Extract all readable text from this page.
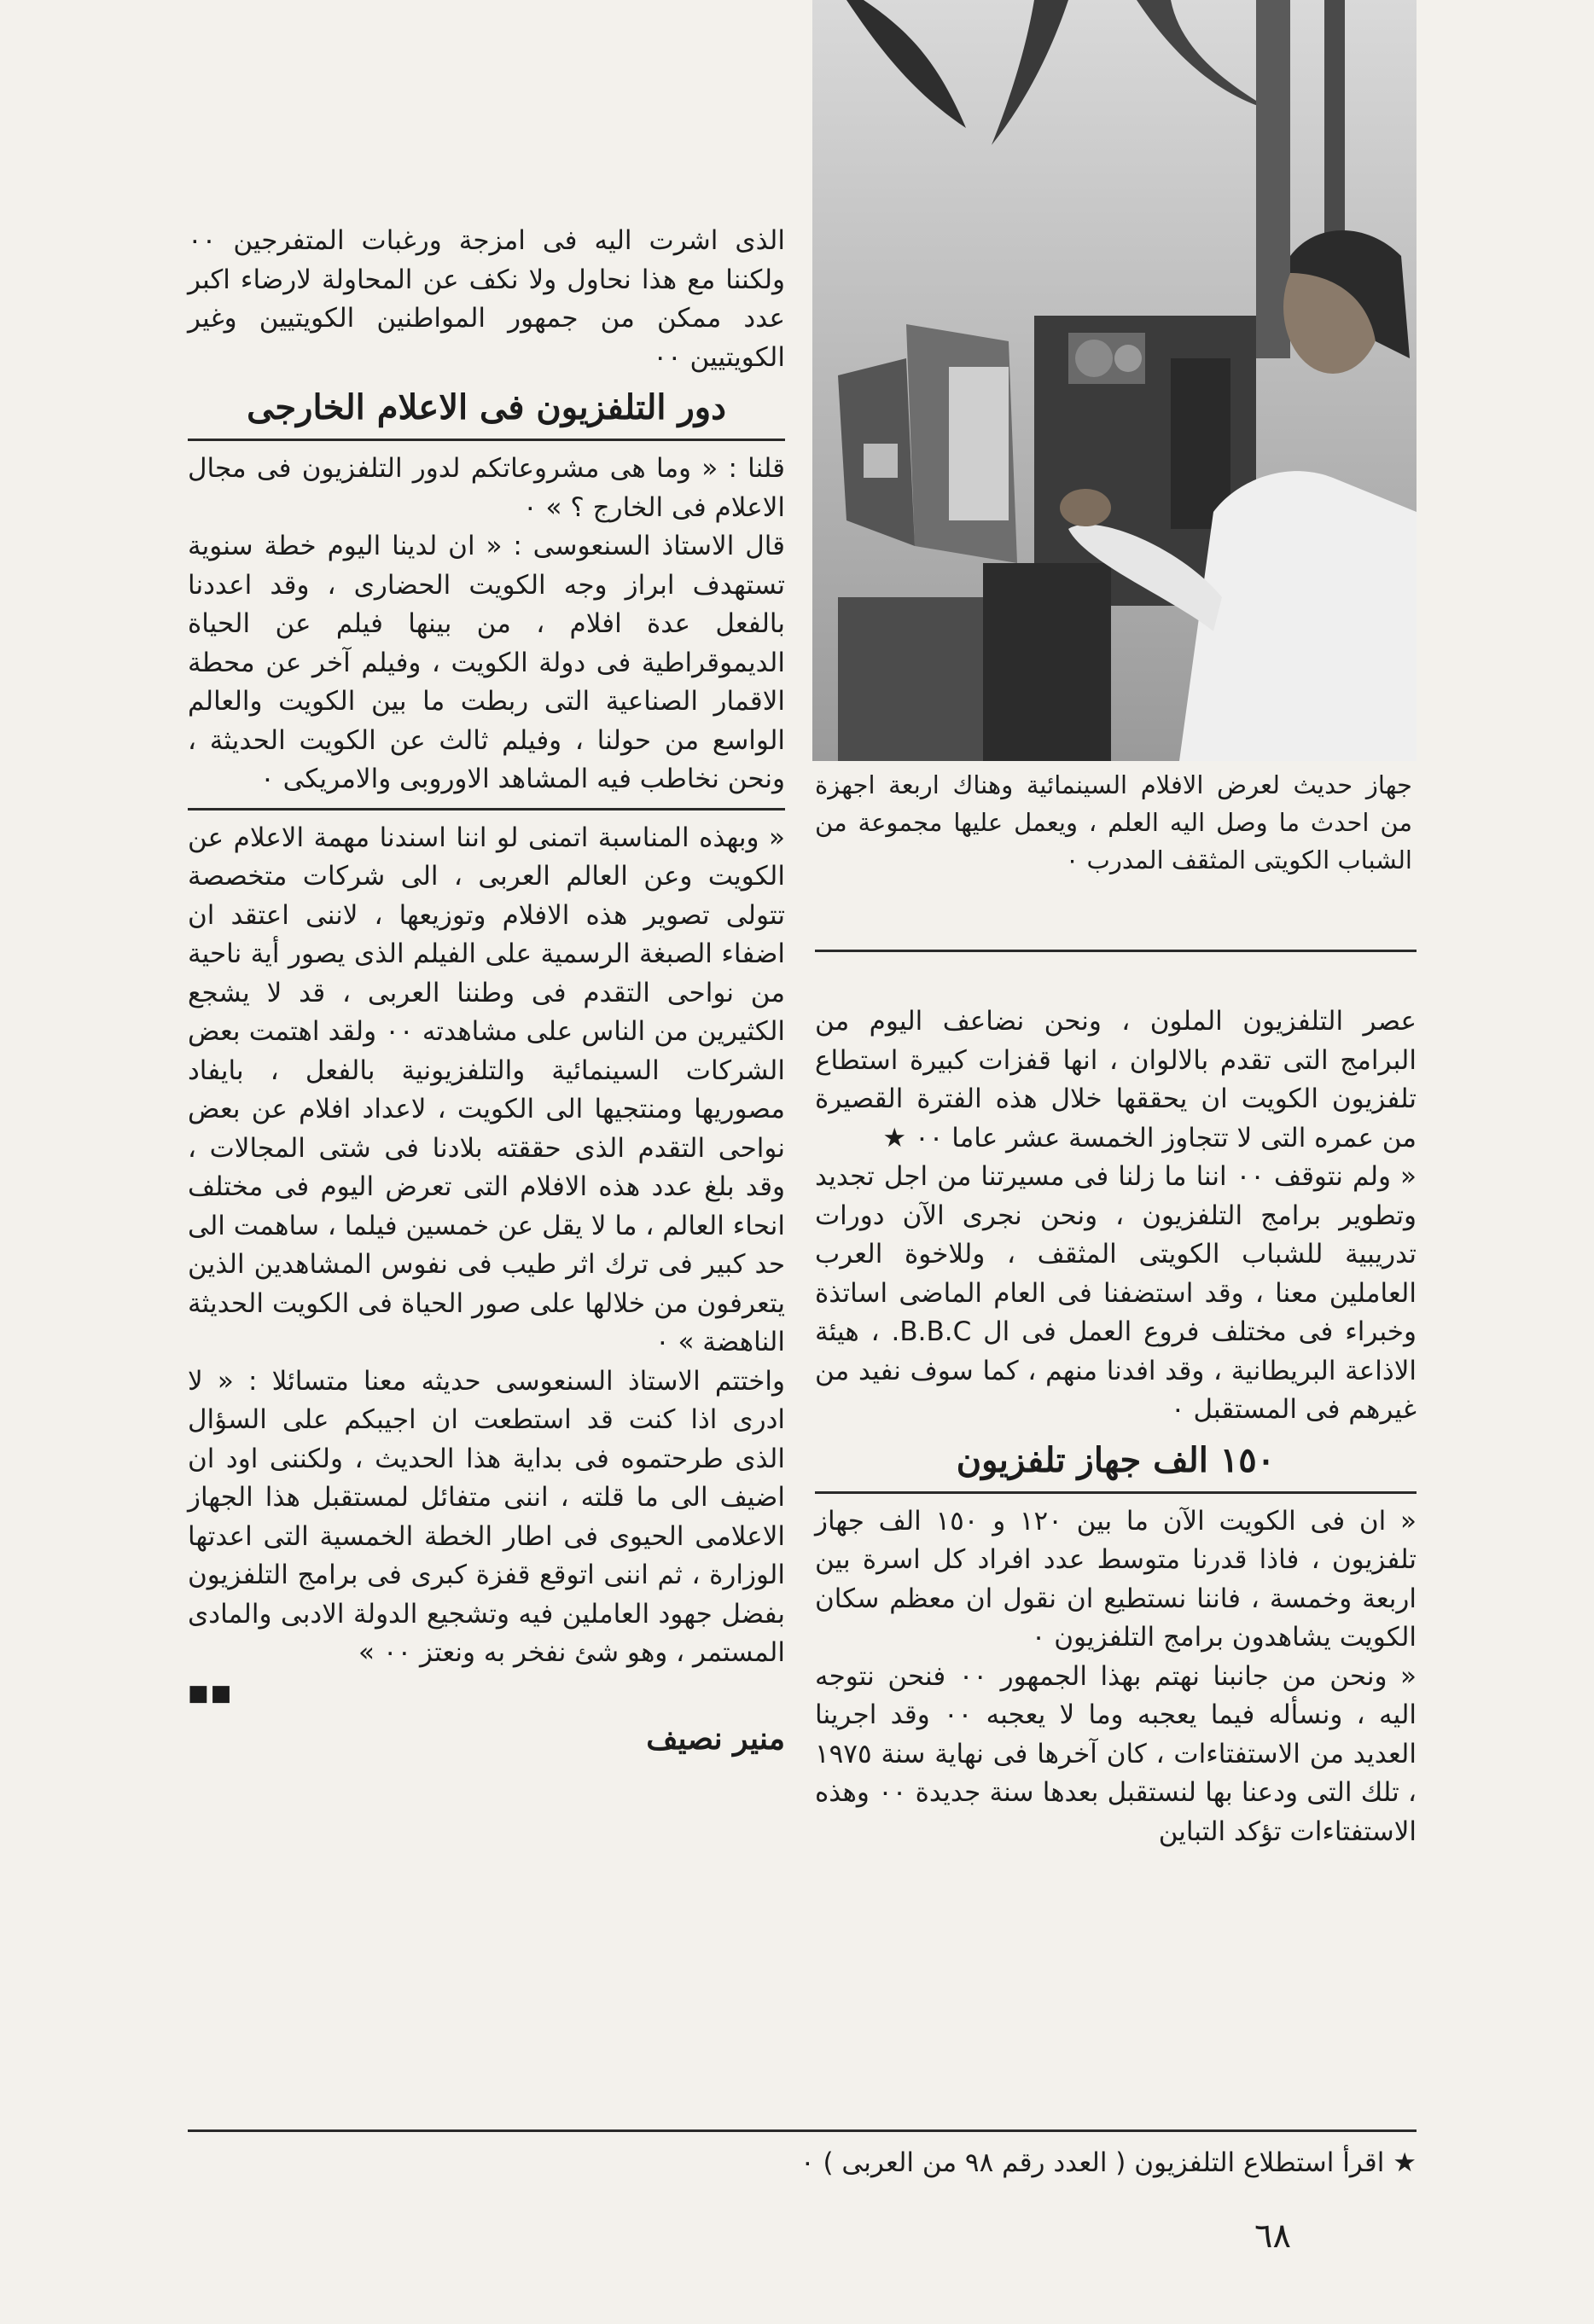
جهاز حديث لعرض الافلام السينمائية وهناك اربعة اجهزة من احدث ما وصل اليه العلم ، ويعمل عليها مجموعة من الشباب الكويتى المثقف المدرب ٠

الذى اشرت اليه فى امزجة ورغبات المتفرجين ٠٠ ولكننا مع هذا نحاول ولا نكف عن المحاولة لارضاء اكبر عدد ممكن من جمهور المواطنين الكويتيين وغير الكويتيين ٠٠

دور التلفزيون فى الاعلام الخارجى

قلنا : « وما هى مشروعاتكم لدور التلفزيون فى مجال الاعلام فى الخارج ؟ » ٠

قال الاستاذ السنعوسى : « ان لدينا اليوم خطة سنوية تستهدف ابراز وجه الكويت الحضارى ، وقد اعددنا بالفعل عدة افلام ، من بينها فيلم عن الحياة الديموقراطية فى دولة الكويت ، وفيلم آخر عن محطة الاقمار الصناعية التى ربطت ما بين الكويت والعالم الواسع من حولنا ، وفيلم ثالث عن الكويت الحديثة ، ونحن نخاطب فيه المشاهد الاوروبى والامريكى ٠

« وبهذه المناسبة اتمنى لو اننا اسندنا مهمة الاعلام عن الكويت وعن العالم العربى ، الى شركات متخصصة تتولى تصوير هذه الافلام وتوزيعها ، لاننى اعتقد ان اضفاء الصبغة الرسمية على الفيلم الذى يصور أية ناحية من نواحى التقدم فى وطننا العربى ، قد لا يشجع الكثيرين من الناس على مشاهدته ٠٠ ولقد اهتمت بعض الشركات السينمائية والتلفزيونية بالفعل ، بايفاد مصوريها ومنتجيها الى الكويت ، لاعداد افلام عن بعض نواحى التقدم الذى حققته بلادنا فى شتى المجالات ، وقد بلغ عدد هذه الافلام التى تعرض اليوم فى مختلف انحاء العالم ، ما لا يقل عن خمسين فيلما ، ساهمت الى حد كبير فى ترك اثر طيب فى نفوس المشاهدين الذين يتعرفون من خلالها على صور الحياة فى الكويت الحديثة الناهضة » ٠

واختتم الاستاذ السنعوسى حديثه معنا متسائلا : « لا ادرى اذا كنت قد استطعت ان اجيبكم على السؤال الذى طرحتموه فى بداية هذا الحديث ، ولكننى اود ان اضيف الى ما قلته ، اننى متفائل لمستقبل هذا الجهاز الاعلامى الحيوى فى اطار الخطة الخمسية التى اعدتها الوزارة ، ثم اننى اتوقع قفزة كبرى فى برامج التلفزيون بفضل جهود العاملين فيه وتشجيع الدولة الادبى والمادى المستمر ، وهو شئ نفخر به ونعتز ٠٠ »

■■
منير نصيف

عصر التلفزيون الملون ، ونحن نضاعف اليوم من البرامج التى تقدم بالالوان ، انها قفزات كبيرة استطاع تلفزيون الكويت ان يحققها خلال هذه الفترة القصيرة من عمره التى لا تتجاوز الخمسة عشر عاما ٠٠ ★

« ولم نتوقف ٠٠ اننا ما زلنا فى مسيرتنا من اجل تجديد وتطوير برامج التلفزيون ، ونحن نجرى الآن دورات تدريبية للشباب الكويتى المثقف ، وللاخوة العرب العاملين معنا ، وقد استضفنا فى العام الماضى اساتذة وخبراء فى مختلف فروع العمل فى ال B.B.C. ، هيئة الاذاعة البريطانية ، وقد افدنا منهم ، كما سوف نفيد من غيرهم فى المستقبل ٠

١٥٠ الف جهاز تلفزيون

« ان فى الكويت الآن ما بين ١٢٠ و ١٥٠ الف جهاز تلفزيون ، فاذا قدرنا متوسط عدد افراد كل اسرة بين اربعة وخمسة ، فاننا نستطيع ان نقول ان معظم سكان الكويت يشاهدون برامج التلفزيون ٠

« ونحن من جانبنا نهتم بهذا الجمهور ٠٠ فنحن نتوجه اليه ، ونسأله فيما يعجبه وما لا يعجبه ٠٠ وقد اجرينا العديد من الاستفتاءات ، كان آخرها فى نهاية سنة ١٩٧٥ ، تلك التى ودعنا بها لنستقبل بعدها سنة جديدة ٠٠ وهذه الاستفتاءات تؤكد التباين

★ اقرأ استطلاع التلفزيون ( العدد رقم ٩٨ من العربى ) ٠
٦٨
